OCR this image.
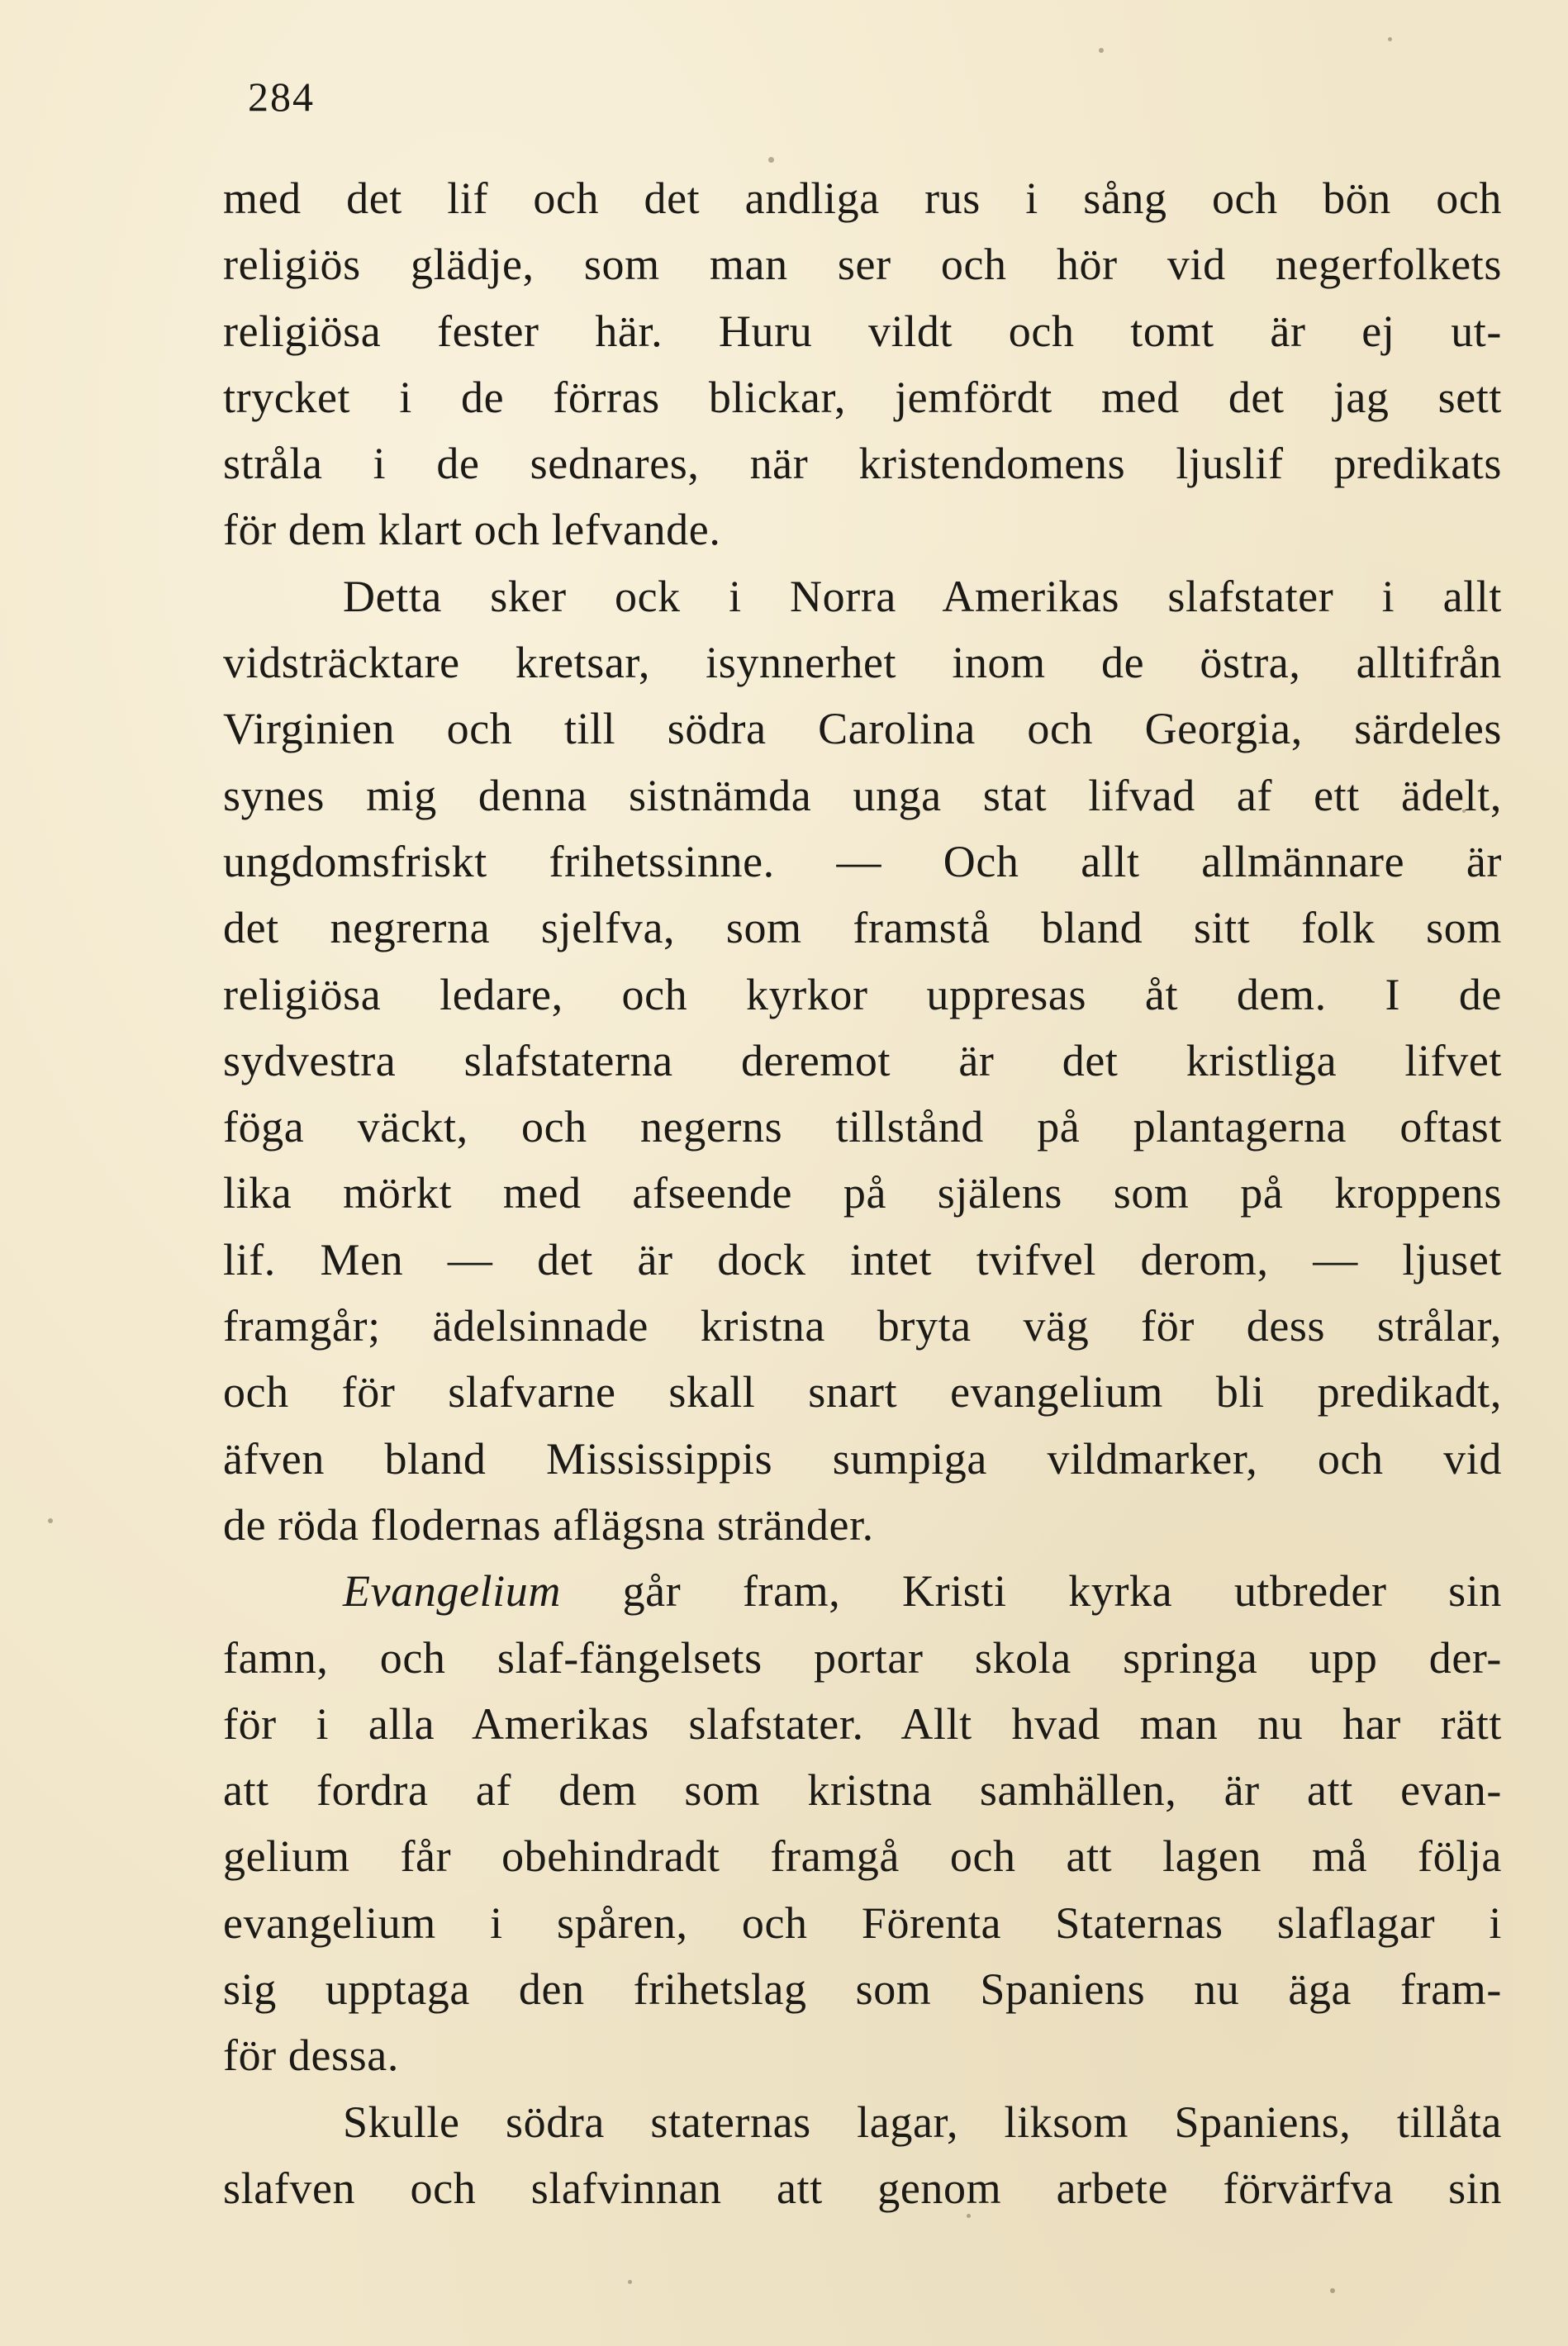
284
med det lif och det andliga rus i sång och bön och
religiös glädje, som man ser och hör vid negerfolkets
religiösa fester här. Huru vildt och tomt är ej ut-
trycket i de förras blickar, jemfördt med det jag sett
stråla i de sednares, när kristendomens ljuslif predikats
för dem klart och lefvande.
Detta sker ock i Norra Amerikas slafstater i allt
vidsträcktare kretsar, isynnerhet inom de östra, alltifrån
Virginien och till södra Carolina och Georgia, särdeles
synes mig denna sistnämda unga stat lifvad af ett ädelt,
ungdomsfriskt frihetssinne. — Och allt allmännare är
det negrerna sjelfva, som framstå bland sitt folk som
religiösa ledare, och kyrkor uppresas åt dem. I de
sydvestra slafstaterna deremot är det kristliga lifvet
föga väckt, och negerns tillstånd på plantagerna oftast
lika mörkt med afseende på själens som på kroppens
lif. Men — det är dock intet tvifvel derom, — ljuset
framgår; ädelsinnade kristna bryta väg för dess strålar,
och för slafvarne skall snart evangelium bli predikadt,
äfven bland Mississippis sumpiga vildmarker, och vid
de röda flodernas aflägsna stränder.
Evangelium går fram, Kristi kyrka utbreder sin
famn, och slaf-fängelsets portar skola springa upp der-
för i alla Amerikas slafstater. Allt hvad man nu har rätt
att fordra af dem som kristna samhällen, är att evan-
gelium får obehindradt framgå och att lagen må följa
evangelium i spåren, och Förenta Staternas slaflagar i
sig upptaga den frihetslag som Spaniens nu äga fram-
för dessa.
Skulle södra staternas lagar, liksom Spaniens, tillåta
slafven och slafvinnan att genom arbete förvärfva sin
